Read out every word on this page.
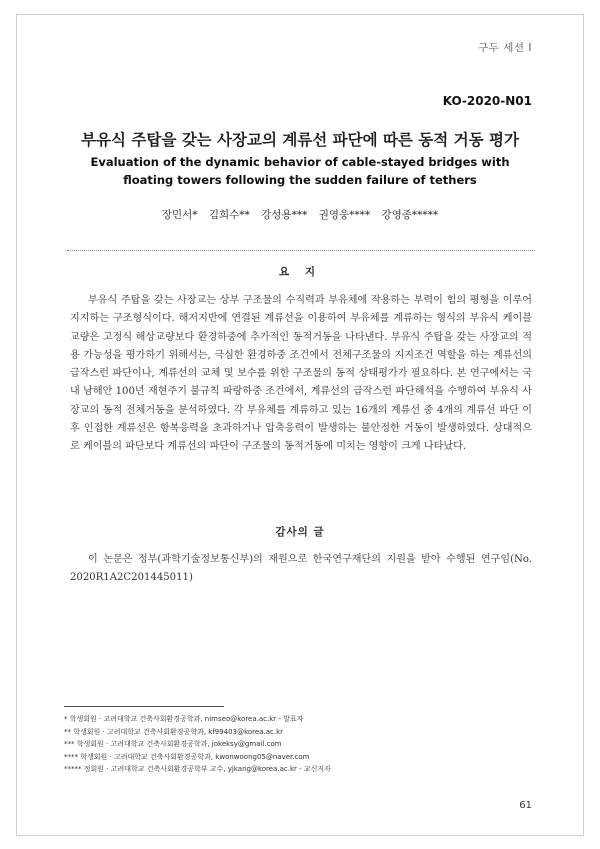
구두 세션 Ⅰ
KO-2020-N01
부유식 주탑을 갖는 사장교의 계류선 파단에 따른 동적 거동 평가
Evaluation of the dynamic behavior of cable-stayed bridges with
floating towers following the sudden failure of tethers
장민서* 김희수** 강성용*** 권영웅**** 강영종*****
요 지
부유식 주탑을 갖는 사장교는 상부 구조물의 수직력과 부유체에 작용하는 부력이 힘의 평형을 이루어 지지하는 구조형식이다. 해저지반에 연결된 계류선을 이용하여 부유체를 계류하는 형식의 부유식 케이블교량은 고정식 해상교량보다 환경하중에 추가적인 동적거동을 나타낸다. 부유식 주탑을 갖는 사장교의 적용 가능성을 평가하기 위해서는, 극심한 환경하중 조건에서 전체구조물의 지지조건 역할을 하는 계류선의 급작스런 파단이나, 계류선의 교체 및 보수를 위한 구조물의 동적 상태평가가 필요하다. 본 연구에서는 국내 남해안 100년 재현주기 불규칙 파랑하중 조건에서, 계류선의 급작스런 파단해석을 수행하여 부유식 사장교의 동적 전체거동을 분석하였다. 각 부유체를 계류하고 있는 16개의 계류선 중 4개의 계류선 파단 이후 인접한 계류선은 항복응력을 초과하거나 압축응력이 발생하는 불안정한 거동이 발생하였다. 상대적으로 케이블의 파단보다 계류선의 파단이 구조물의 동적거동에 미치는 영향이 크게 나타났다.
감사의 글
이 논문은 정부(과학기술정보통신부)의 재원으로 한국연구재단의 지원을 받아 수행된 연구임(No. 2020R1A2C201445011)
* 학생회원 · 고려대학교 건축사회환경공학과, nimseo@korea.ac.kr - 발표자
** 학생회원 · 고려대학교 건축사회환경공학과, kf99403@korea.ac.kr
*** 학생회원 · 고려대학교 건축사회환경공학과, jokeksy@gmail.com
**** 학생회원 · 고려대학교 건축사회환경공학과, kwonwoong05@naver.com
***** 정회원 · 고려대학교 건축사회환경공학부 교수, yjkang@korea.ac.kr - 교신저자
61
